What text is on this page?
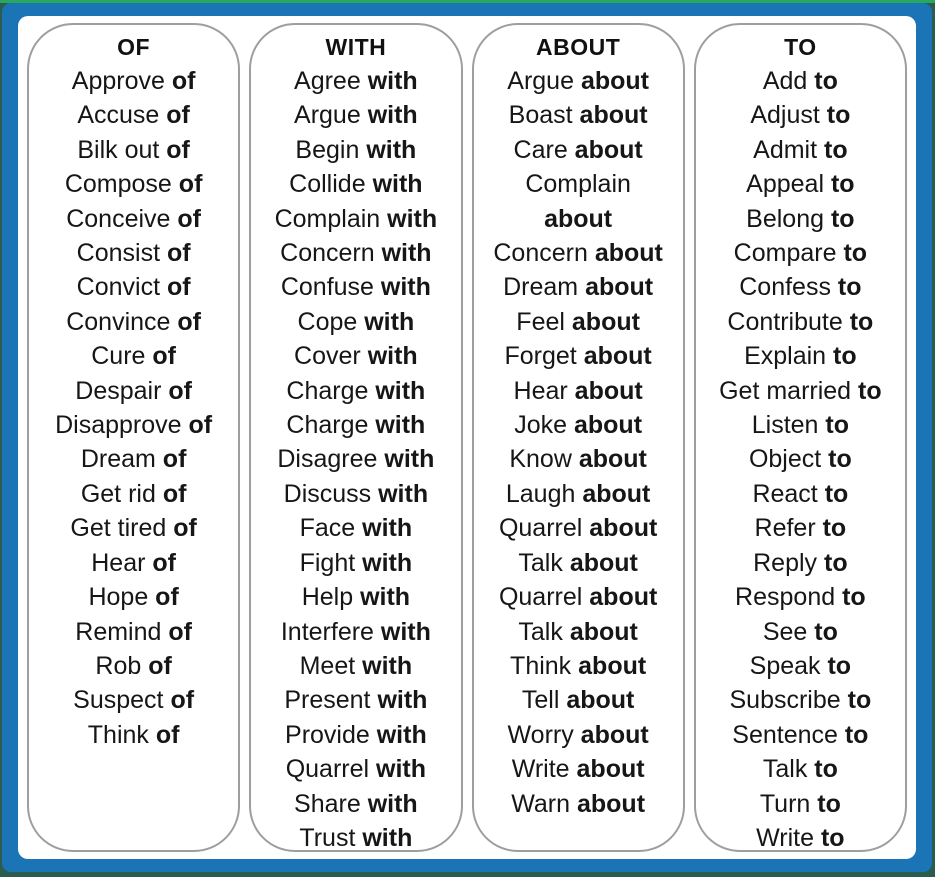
OF
Approve of
Accuse of
Bilk out of
Compose of
Conceive of
Consist of
Convict of
Convince of
Cure of
Despair of
Disapprove of
Dream of
Get rid of
Get tired of
Hear of
Hope of
Remind of
Rob of
Suspect of
Think of
WITH
Agree with
Argue with
Begin with
Collide with
Complain with
Concern with
Confuse with
Cope with
Cover with
Charge with
Charge with
Disagree with
Discuss with
Face with
Fight with
Help with
Interfere with
Meet with
Present with
Provide with
Quarrel with
Share with
Trust with
ABOUT
Argue about
Boast about
Care about
Complain
about
Concern about
Dream about
Feel about
Forget about
Hear about
Joke about
Know about
Laugh about
Quarrel about
Talk about
Quarrel about
Talk about
Think about
Tell about
Worry about
Write about
Warn about
TO
Add to
Adjust to
Admit to
Appeal to
Belong to
Compare to
Confess to
Contribute to
Explain to
Get married to
Listen to
Object to
React to
Refer to
Reply to
Respond to
See to
Speak to
Subscribe to
Sentence to
Talk to
Turn to
Write to
